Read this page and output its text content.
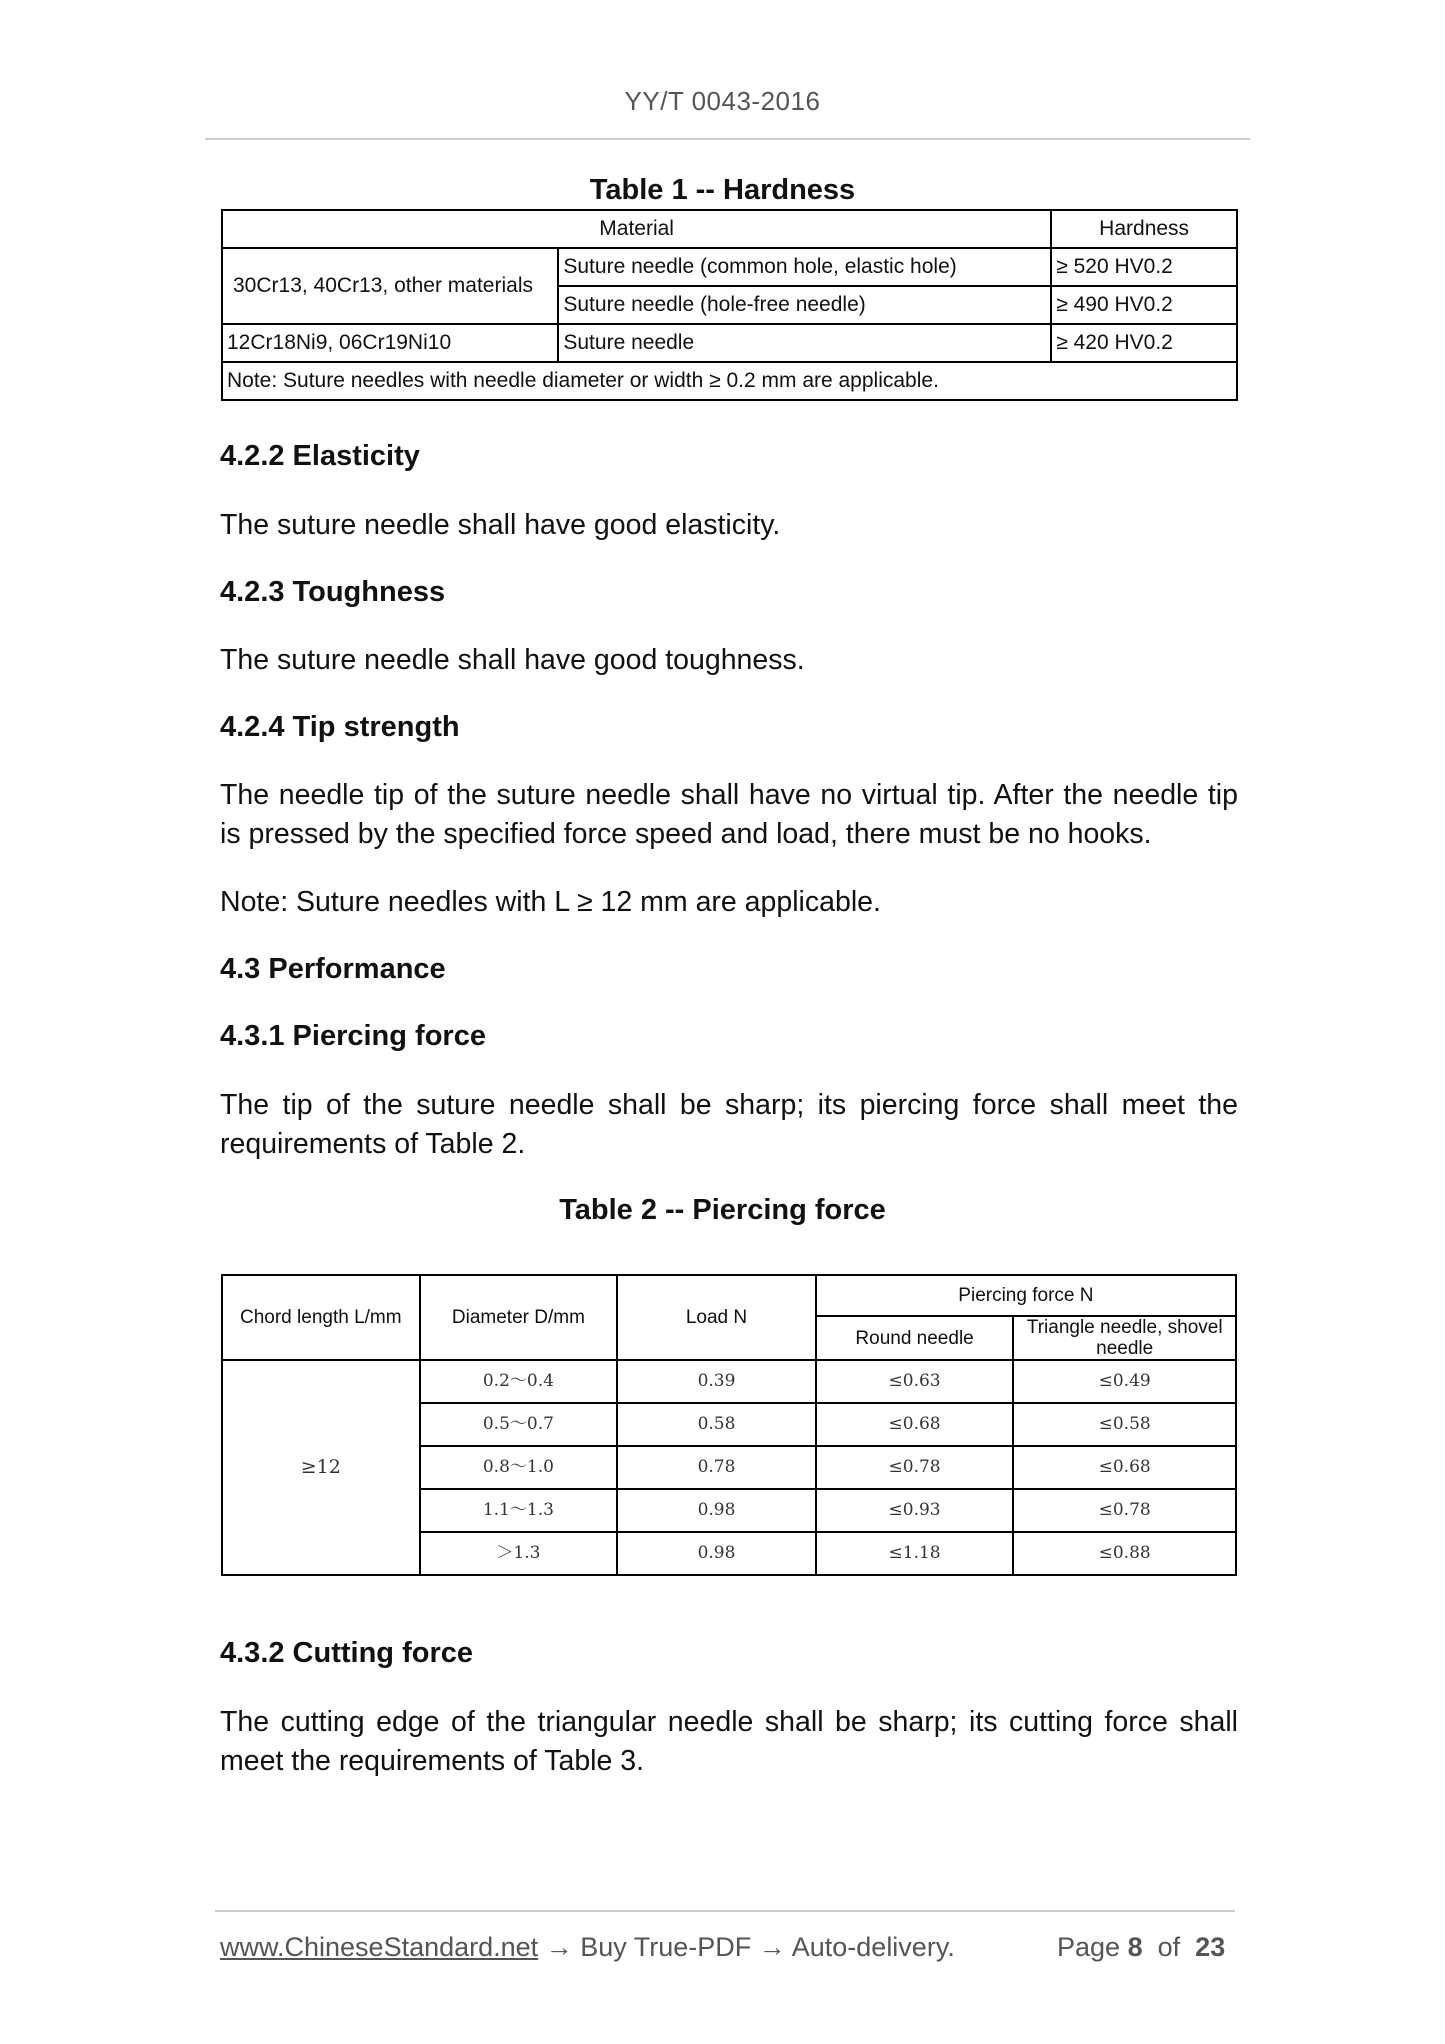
YY/T 0043-2016
Table 1 -- Hardness
Material		Hardness
30Cr13, 40Cr13, other materials	Suture needle (common hole, elastic hole)	≥ 520 HV0.2
	Suture needle (hole-free needle)	≥ 490 HV0.2
12Cr18Ni9, 06Cr19Ni10	Suture needle	≥ 420 HV0.2
Note: Suture needles with needle diameter or width ≥ 0.2 mm are applicable.		
4.2.2 Elasticity
The suture needle shall have good elasticity.
4.2.3 Toughness
The suture needle shall have good toughness.
4.2.4 Tip strength
The needle tip of the suture needle shall have no virtual tip. After the needle tip is pressed by the specified force speed and load, there must be no hooks.
Note: Suture needles with L ≥ 12 mm are applicable.
4.3 Performance
4.3.1 Piercing force
The tip of the suture needle shall be sharp; its piercing force shall meet the requirements of Table 2.
Table 2 -- Piercing force
Chord length L/mm	Diameter D/mm	Load N	Piercing force N	
			Round needle	Triangle needle, shovel needle
≥12	0.2～0.4	0.39	≤0.63	≤0.49
	0.5～0.7	0.58	≤0.68	≤0.58
	0.8～1.0	0.78	≤0.78	≤0.68
	1.1～1.3	0.98	≤0.93	≤0.78
	＞1.3	0.98	≤1.18	≤0.88
4.3.2 Cutting force
The cutting edge of the triangular needle shall be sharp; its cutting force shall meet the requirements of Table 3.
www.ChineseStandard.net → Buy True-PDF → Auto-delivery.	Page 8 of 23
